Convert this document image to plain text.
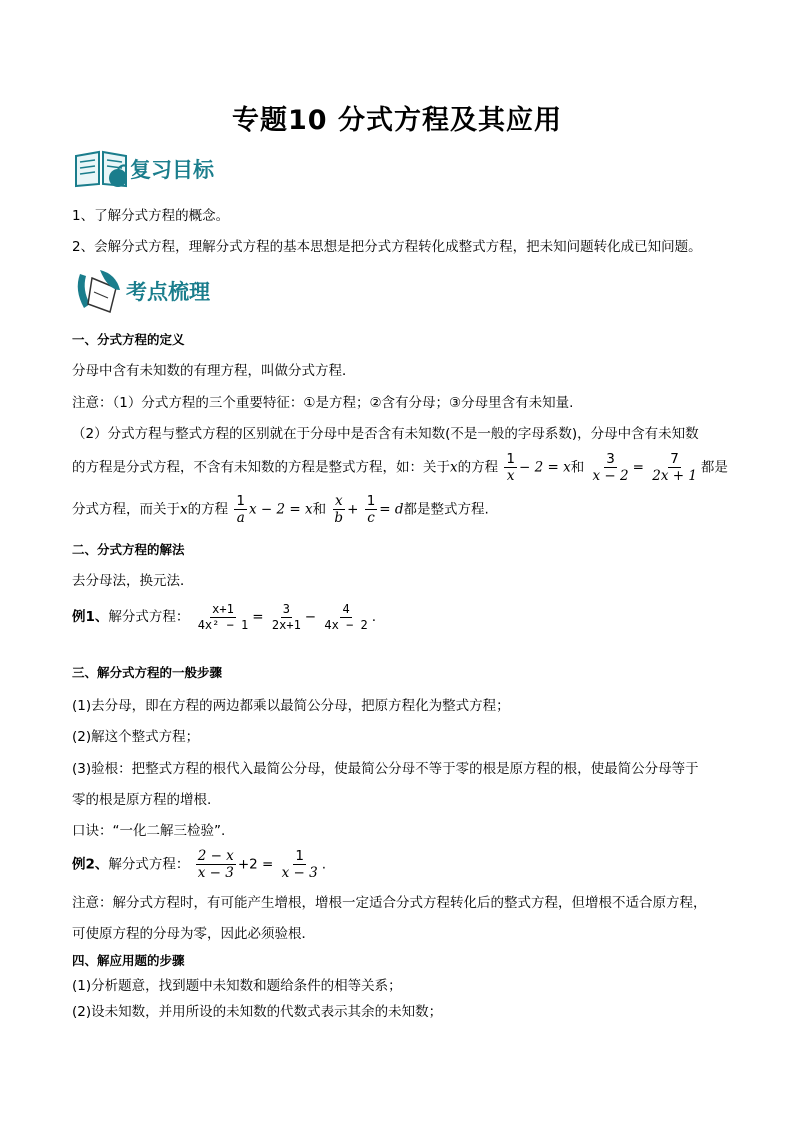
专题10 分式方程及其应用
复习目标
1、了解分式方程的概念。
2、会解分式方程，理解分式方程的基本思想是把分式方程转化成整式方程，把未知问题转化成已知问题。
考点梳理
一、分式方程的定义
分母中含有未知数的有理方程，叫做分式方程．
注意：（1）分式方程的三个重要特征：①是方程；②含有分母；③分母里含有未知量.
（2）分式方程与整式方程的区别就在于分母中是否含有未知数(不是一般的字母系数)，分母中含有未知数
的方程是分式方程，不含有未知数的方程是整式方程，如：关于x的方程 $\frac{1}{x} - 2 = x$和 $\frac{3}{x - 2} = \frac{7}{2x + 1}$ 都是
分式方程，而关于x的方程 $\frac{1}{a}$ x − 2 = x和 $\frac{x}{b} + \frac{1}{c} = d$都是整式方程.
二、分式方程的解法
去分母法，换元法．
例1、解分式方程： $\frac{x+1}{\text{4x² − 1}} = \frac{3}{2x+1} - \frac{4}{4x - 2}$ .
三、解分式方程的一般步骤
(1)去分母，即在方程的两边都乘以最简公分母，把原方程化为整式方程；
(2)解这个整式方程；
(3)验根：把整式方程的根代入最简公分母，使最简公分母不等于零的根是原方程的根，使最简公分母等于
零的根是原方程的增根.
口诀：“一化二解三检验”.
例2、解分式方程： $\frac{2 - x}{x - 3} +2 = \frac{1}{x - 3}$ .
注意：解分式方程时，有可能产生增根，增根一定适合分式方程转化后的整式方程，但增根不适合原方程，
可使原方程的分母为零，因此必须验根．
四、解应用题的步骤
(1)分析题意，找到题中未知数和题给条件的相等关系；
(2)设未知数，并用所设的未知数的代数式表示其余的未知数；
